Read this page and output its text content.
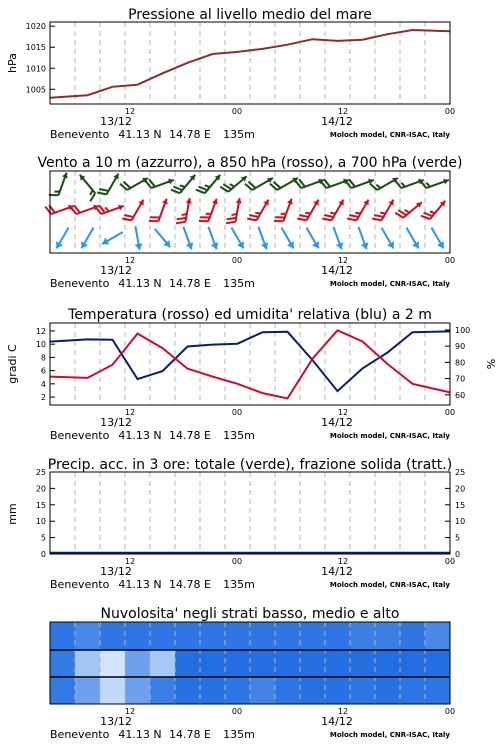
Pressione al livello medio del mare
hPa
1005
1010
1015
1020
12	00	12	00
13/12	14/12
Benevento 41.13 N 14.78 E 135m	Moloch model, CNR-ISAC, Italy
Vento a 10 m (azzurro), a 850 hPa (rosso), a 700 hPa (verde)
12	00	12	00
13/12	14/12
Benevento 41.13 N 14.78 E 135m	Moloch model, CNR-ISAC, Italy
Temperatura (rosso) ed umidita' relativa (blu) a 2 m
gradi C	%
2
4
6
8
10
12
60
70
80
90
100
12	00	12	00
13/12	14/12
Benevento 41.13 N 14.78 E 135m	Moloch model, CNR-ISAC, Italy
Precip. acc. in 3 ore: totale (verde), frazione solida (tratt.)
mm
0
5
10
15
20
25
0
5
10
15
20
25
12	00	12	00
13/12	14/12
Benevento 41.13 N 14.78 E 135m	Moloch model, CNR-ISAC, Italy
Nuvolosita' negli strati basso, medio e alto
12	00	12	00
13/12	14/12
Benevento 41.13 N 14.78 E 135m	Moloch model, CNR-ISAC, Italy
